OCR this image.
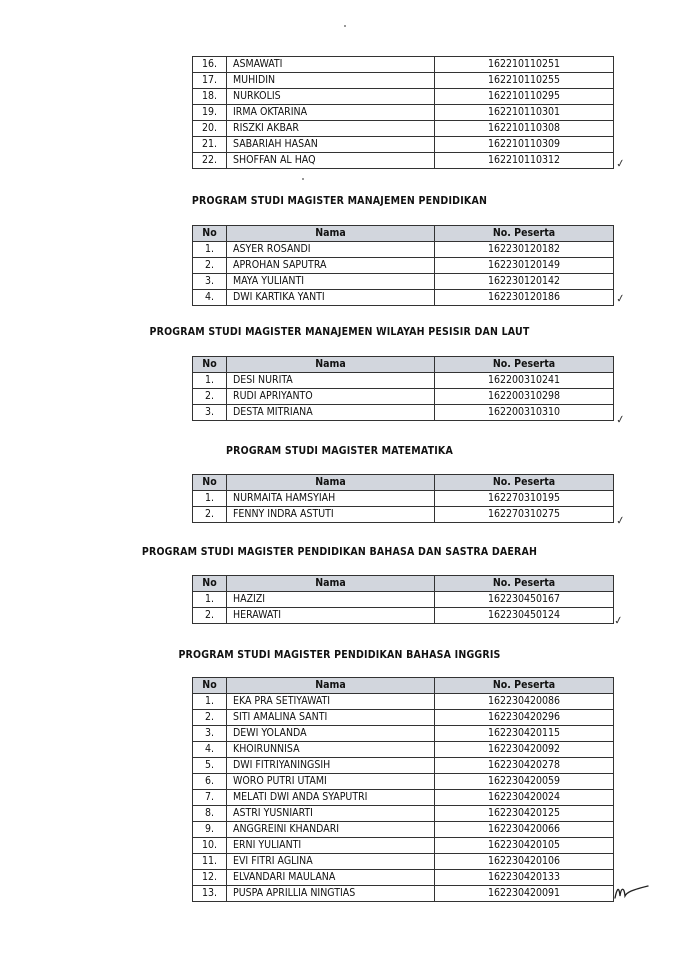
16.	ASMAWATI	162210110251
17.	MUHIDIN	162210110255
18.	NURKOLIS	162210110295
19.	IRMA OKTARINA	162210110301
20.	RISZKI AKBAR	162210110308
21.	SABARIAH HASAN	162210110309
22.	SHOFFAN AL HAQ	162210110312	✓
PROGRAM STUDI MAGISTER MANAJEMEN PENDIDIKAN
No	Nama	No. Peserta
1.	ASYER ROSANDI	162230120182
2.	APROHAN SAPUTRA	162230120149
3.	MAYA YULIANTI	162230120142
4.	DWI KARTIKA YANTI	162230120186	✓
PROGRAM STUDI MAGISTER MANAJEMEN WILAYAH PESISIR DAN LAUT
No	Nama	No. Peserta
1.	DESI NURITA	162200310241
2.	RUDI APRIYANTO	162200310298
3.	DESTA MITRIANA	162200310310
✓
PROGRAM STUDI MAGISTER MATEMATIKA
No	Nama	No. Peserta
1.	NURMAITA HAMSYIAH	162270310195
2.	FENNY INDRA ASTUTI	162270310275	✓
PROGRAM STUDI MAGISTER PENDIDIKAN BAHASA DAN SASTRA DAERAH
No	Nama	No. Peserta
1.	HAZIZI	162230450167
2.	HERAWATI	162230450124	✓
PROGRAM STUDI MAGISTER PENDIDIKAN BAHASA INGGRIS
No	Nama	No. Peserta
1.	EKA PRA SETIYAWATI	162230420086
2.	SITI AMALINA SANTI	162230420296
3.	DEWI YOLANDA	162230420115
4.	KHOIRUNNISA	162230420092
5.	DWI FITRIYANINGSIH	162230420278
6.	WORO PUTRI UTAMI	162230420059
7.	MELATI DWI ANDA SYAPUTRI	162230420024
8.	ASTRI YUSNIARTI	162230420125
9.	ANGGREINI KHANDARI	162230420066
10.	ERNI YULIANTI	162230420105
11.	EVI FITRI AGLINA	162230420106
12.	ELVANDARI MAULANA	162230420133
13.	PUSPA APRILLIA NINGTIAS	162230420091
